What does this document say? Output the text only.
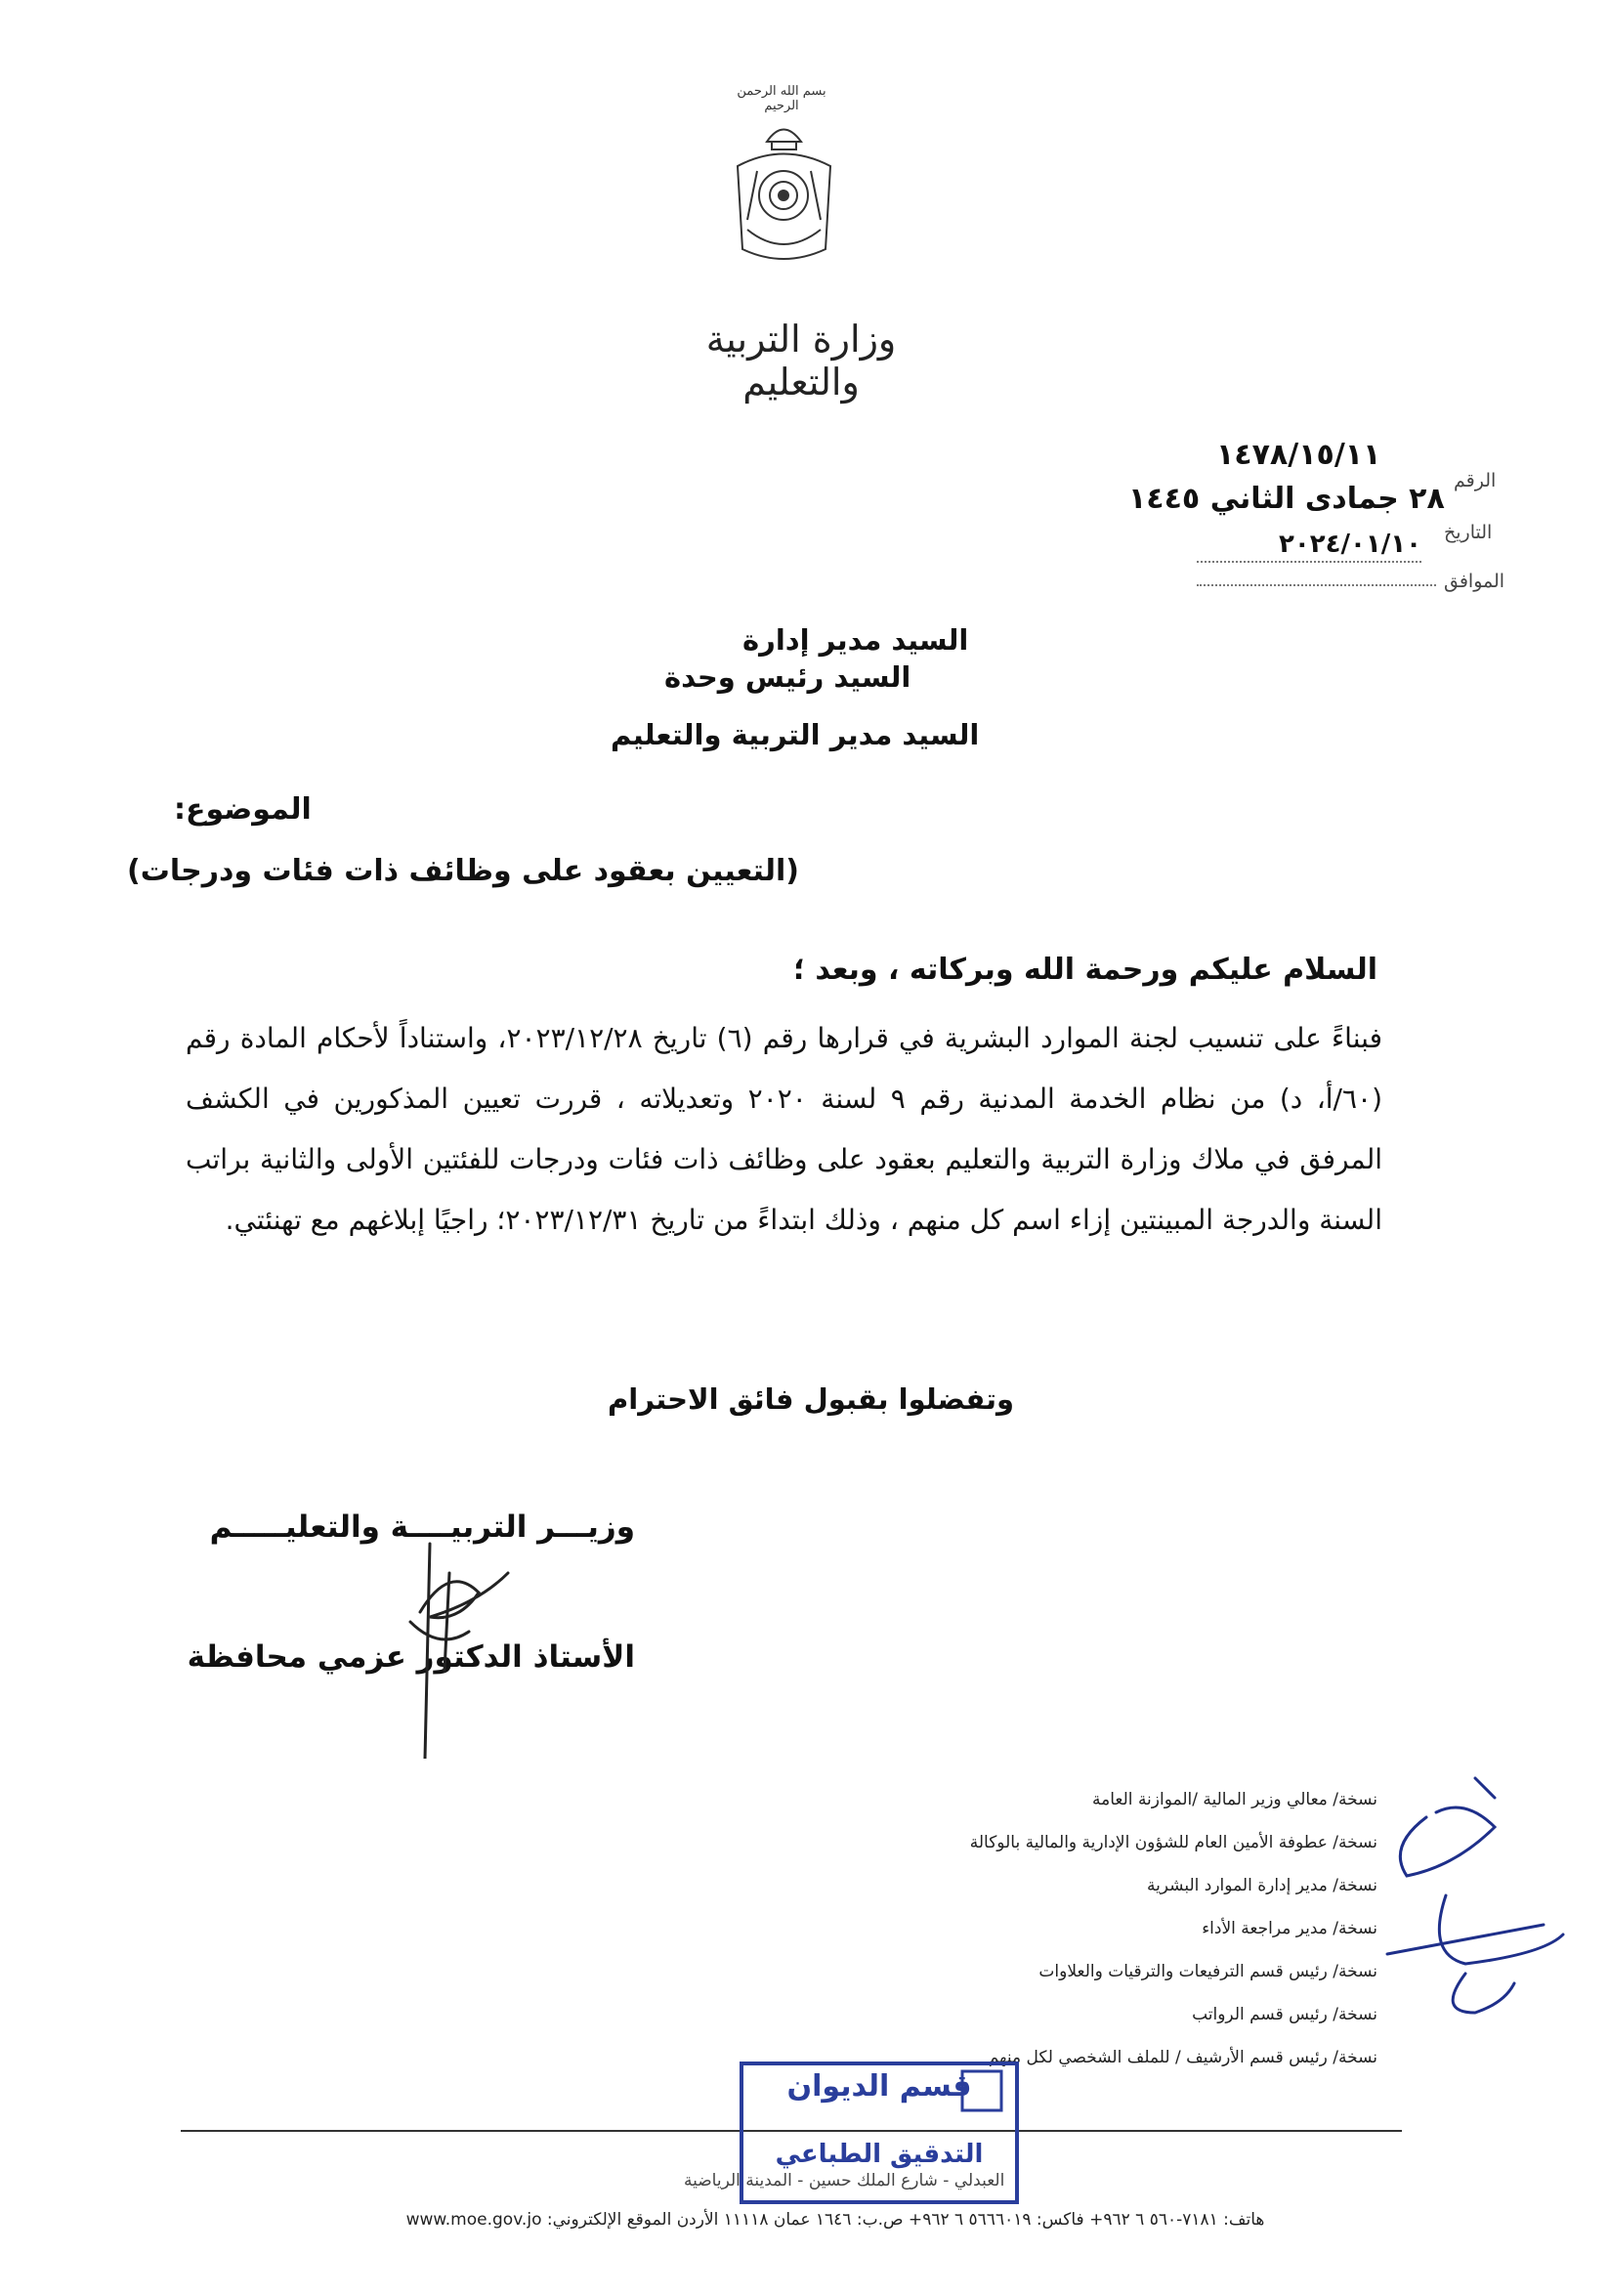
بسم الله الرحمن الرحيم
وزارة التربية والتعليم
١٤٧٨/١٥/١١
الرقم
٢٨ جمادى الثاني ١٤٤٥
التاريخ
٢٠٢٤/٠١/١٠
الموافق
السيد مدير إدارة
السيد رئيس وحدة
السيد مدير التربية والتعليم
الموضوع:
(التعيين بعقود على وظائف ذات فئات ودرجات)
السلام عليكم ورحمة الله وبركاته ، وبعد ؛
فبناءً على تنسيب لجنة الموارد البشرية في قرارها رقم (٦) تاريخ ٢٠٢٣/١٢/٢٨، واستناداً لأحكام المادة رقم (٦٠/أ، د) من نظام الخدمة المدنية رقم ٩ لسنة ٢٠٢٠ وتعديلاته ، قررت تعيين المذكورين في الكشف المرفق في ملاك وزارة التربية والتعليم بعقود على وظائف ذات فئات ودرجات للفئتين الأولى والثانية براتب السنة والدرجة المبينتين إزاء اسم كل منهم ، وذلك ابتداءً من تاريخ ٢٠٢٣/١٢/٣١؛ راجيًا إبلاغهم مع تهنئتي.
وتفضلوا بقبول فائق الاحترام
وزيـــر التربيــــة والتعليـــــم
الأستاذ الدكتور عزمي محافظة
نسخة/ معالي وزير المالية /الموازنة العامة
نسخة/ عطوفة الأمين العام للشؤون الإدارية والمالية بالوكالة
نسخة/ مدير إدارة الموارد البشرية
نسخة/ مدير مراجعة الأداء
نسخة/ رئيس قسم الترفيعات والترقيات والعلاوات
نسخة/ رئيس قسم الرواتب
نسخة/ رئيس قسم الأرشيف / للملف الشخصي لكل منهم
العبدلي - شارع الملك حسين - المدينة الرياضية
هاتف: ٧١٨١-٥٦٠ ٦ ٩٦٢+ فاكس: ٥٦٦٦٠١٩ ٦ ٩٦٢+ ص.ب: ١٦٤٦ عمان ١١١١٨ الأردن الموقع الإلكتروني: www.moe.gov.jo
قسم الديوان
التدقيق الطباعي
